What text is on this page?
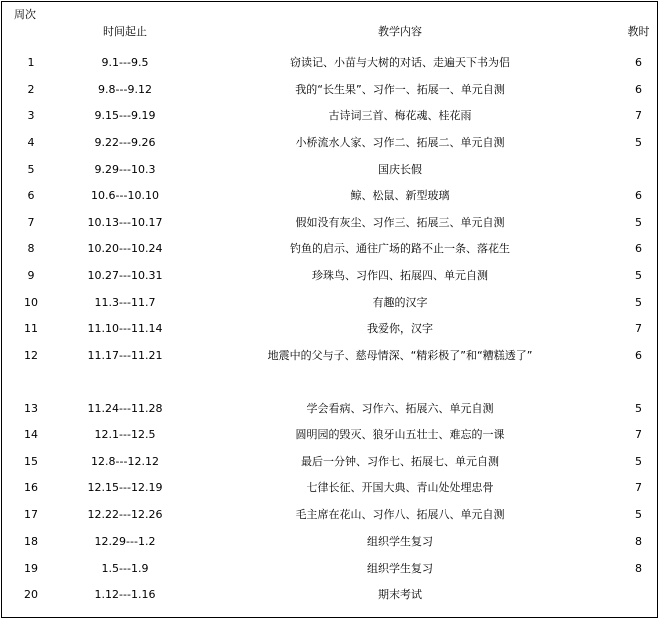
周次
时间起止	教学内容	教时
1	9.1---9.5	窃读记、小苗与大树的对话、走遍天下书为侣	6
2	9.8---9.12	我的“长生果”、习作一、拓展一、单元自测	6
3	9.15---9.19	古诗词三首、梅花魂、桂花雨	7
4	9.22---9.26	小桥流水人家、习作二、拓展二、单元自测	5
5	9.29---10.3	国庆长假
6	10.6---10.10	鲸、松鼠、新型玻璃	6
7	10.13---10.17	假如没有灰尘、习作三、拓展三、单元自测	5
8	10.20---10.24	钓鱼的启示、通往广场的路不止一条、落花生	6
9	10.27---10.31	珍珠鸟、习作四、拓展四、单元自测	5
10	11.3---11.7	有趣的汉字	5
11	11.10---11.14	我爱你，汉字	7
12	11.17---11.21	地震中的父与子、慈母情深、“精彩极了”和“糟糕透了”	6
13	11.24---11.28	学会看病、习作六、拓展六、单元自测	5
14	12.1---12.5	圆明园的毁灭、狼牙山五壮士、难忘的一课	7
15	12.8---12.12	最后一分钟、习作七、拓展七、单元自测	5
16	12.15---12.19	七律长征、开国大典、青山处处埋忠骨	7
17	12.22---12.26	毛主席在花山、习作八、拓展八、单元自测	5
18	12.29---1.2	组织学生复习	8
19	1.5---1.9	组织学生复习	8
20	1.12---1.16	期末考试
